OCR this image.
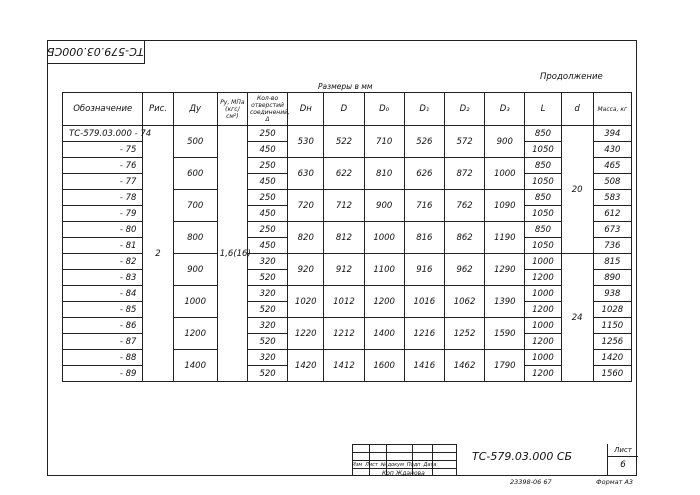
ТС-579.03.000СБ
Продолжение
Размеры в мм
Обозначение	Рис.	Ду	Ру, МПа (кгс/см²)	Кол-во отверстий соединений, Δ	Dн	D	D₀	D₁	D₂	D₃	L	d	Масса, кг
ТС-579.03.000 - 74	2	500	1,6(16)	250	530	522	710	526	572	900	850	20	394
- 75				450							1050		430
- 76		600		250	630	622	810	626	872	1000	850		465
- 77				450							1050		508
- 78		700		250	720	712	900	716	762	1090	850		583
- 79				450							1050		612
- 80		800		250	820	812	1000	816	862	1190	850		673
- 81				450							1050		736
- 82		900		320	920	912	1100	916	962	1290	1000	24	815
- 83				520							1200		890
- 84		1000		320	1020	1012	1200	1016	1062	1390	1000		938
- 85				520							1200		1028
- 86		1200		320	1220	1212	1400	1216	1252	1590	1000		1150
- 87				520							1200		1256
- 88		1400		320	1420	1412	1600	1416	1462	1790	1000		1420
- 89				520							1200		1560
ТС-579.03.000 СБ	Лист
6
Изм Лист № докум Подп Дата
Коп Жданова
23398-06 67	Формат А3
